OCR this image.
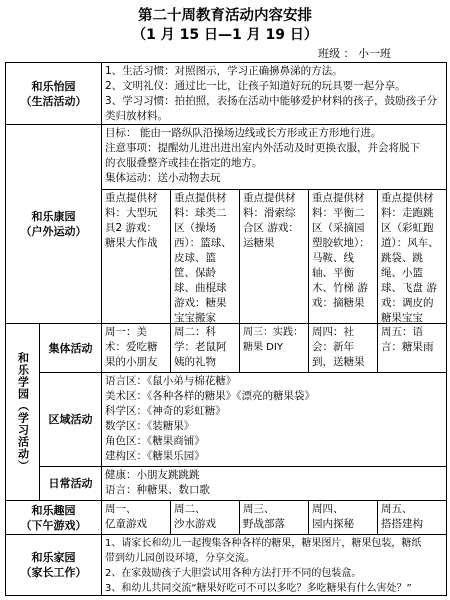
第二十周教育活动内容安排
（1 月 15 日—1 月 19 日）
班级 ： 小一班
和乐怡园
（生活活动）
1、生活习惯：对照图示，学习正确擤鼻涕的方法。
2、文明礼仪：通过比一比，让孩子知道好玩的玩具要一起分享。
3、学习习惯：拍拍照，表扬在活动中能够爱护材料的孩子，鼓励孩子分
类归放材料。
和乐康园
（户外运动）
目标： 能由一路纵队沿操场边线或长方形或正方形地行进。
注意事项：提醒幼儿进出进出室内外活动及时更换衣服，并会将脱下
的衣服叠整齐或挂在指定的地方。
集体运动：送小动物去玩
重点提供材料：大型玩具2 游戏：糖果大作战
重点提供材料：球类二区（操场西）：篮球、皮球、篮筐、保龄球、曲棍球 游戏：糖果宝宝搬家
重点提供材料：滑索综合区 游戏：运糖果
重点提供材料：平衡二区（采摘园塑胶软地）：马鞍、线轴、平衡木、竹梯 游戏：摘糖果
重点提供材料：走跑跳区（彩虹跑道）：风车、跳袋、跳绳、小篮球、飞盘 游戏：调皮的糖果宝宝
和乐学园（学习活动）
集体活动
周一：美术：爱吃糖果的小朋友
周二：科学：老鼠阿姨的礼物
周三：实践：糖果 DIY
周四：社会：新年到，送糖果
周五：语言：糖果雨
区域活动
语言区：《鼠小弟与棉花糖》
美术区：《各种各样的糖果》《漂亮的糖果袋》
科学区：《神奇的彩虹糖》
数学区：《装糖果》
角色区：《糖果商铺》
建构区：《糖果乐园》
日常活动
健康：小朋友跳跳跳
语言：种糖果、数口歌
和乐趣园
（下午游戏）
周一、
亿童游戏
周二、
沙水游戏
周三、
野战部落
周四、
园内探秘
周五、
搭搭建构
和乐家园
（家长工作）
1、请家长和幼儿一起搜集各种各样的糖果，糖果图片，糖果包装，糖纸
带到幼儿园创设环境，分享交流。
2、在家鼓励孩子大胆尝试用各种方法打开不同的包装盒。
3、和幼儿共同交流“糖果好吃可不可以多吃？多吃糖果有什么害处？”
